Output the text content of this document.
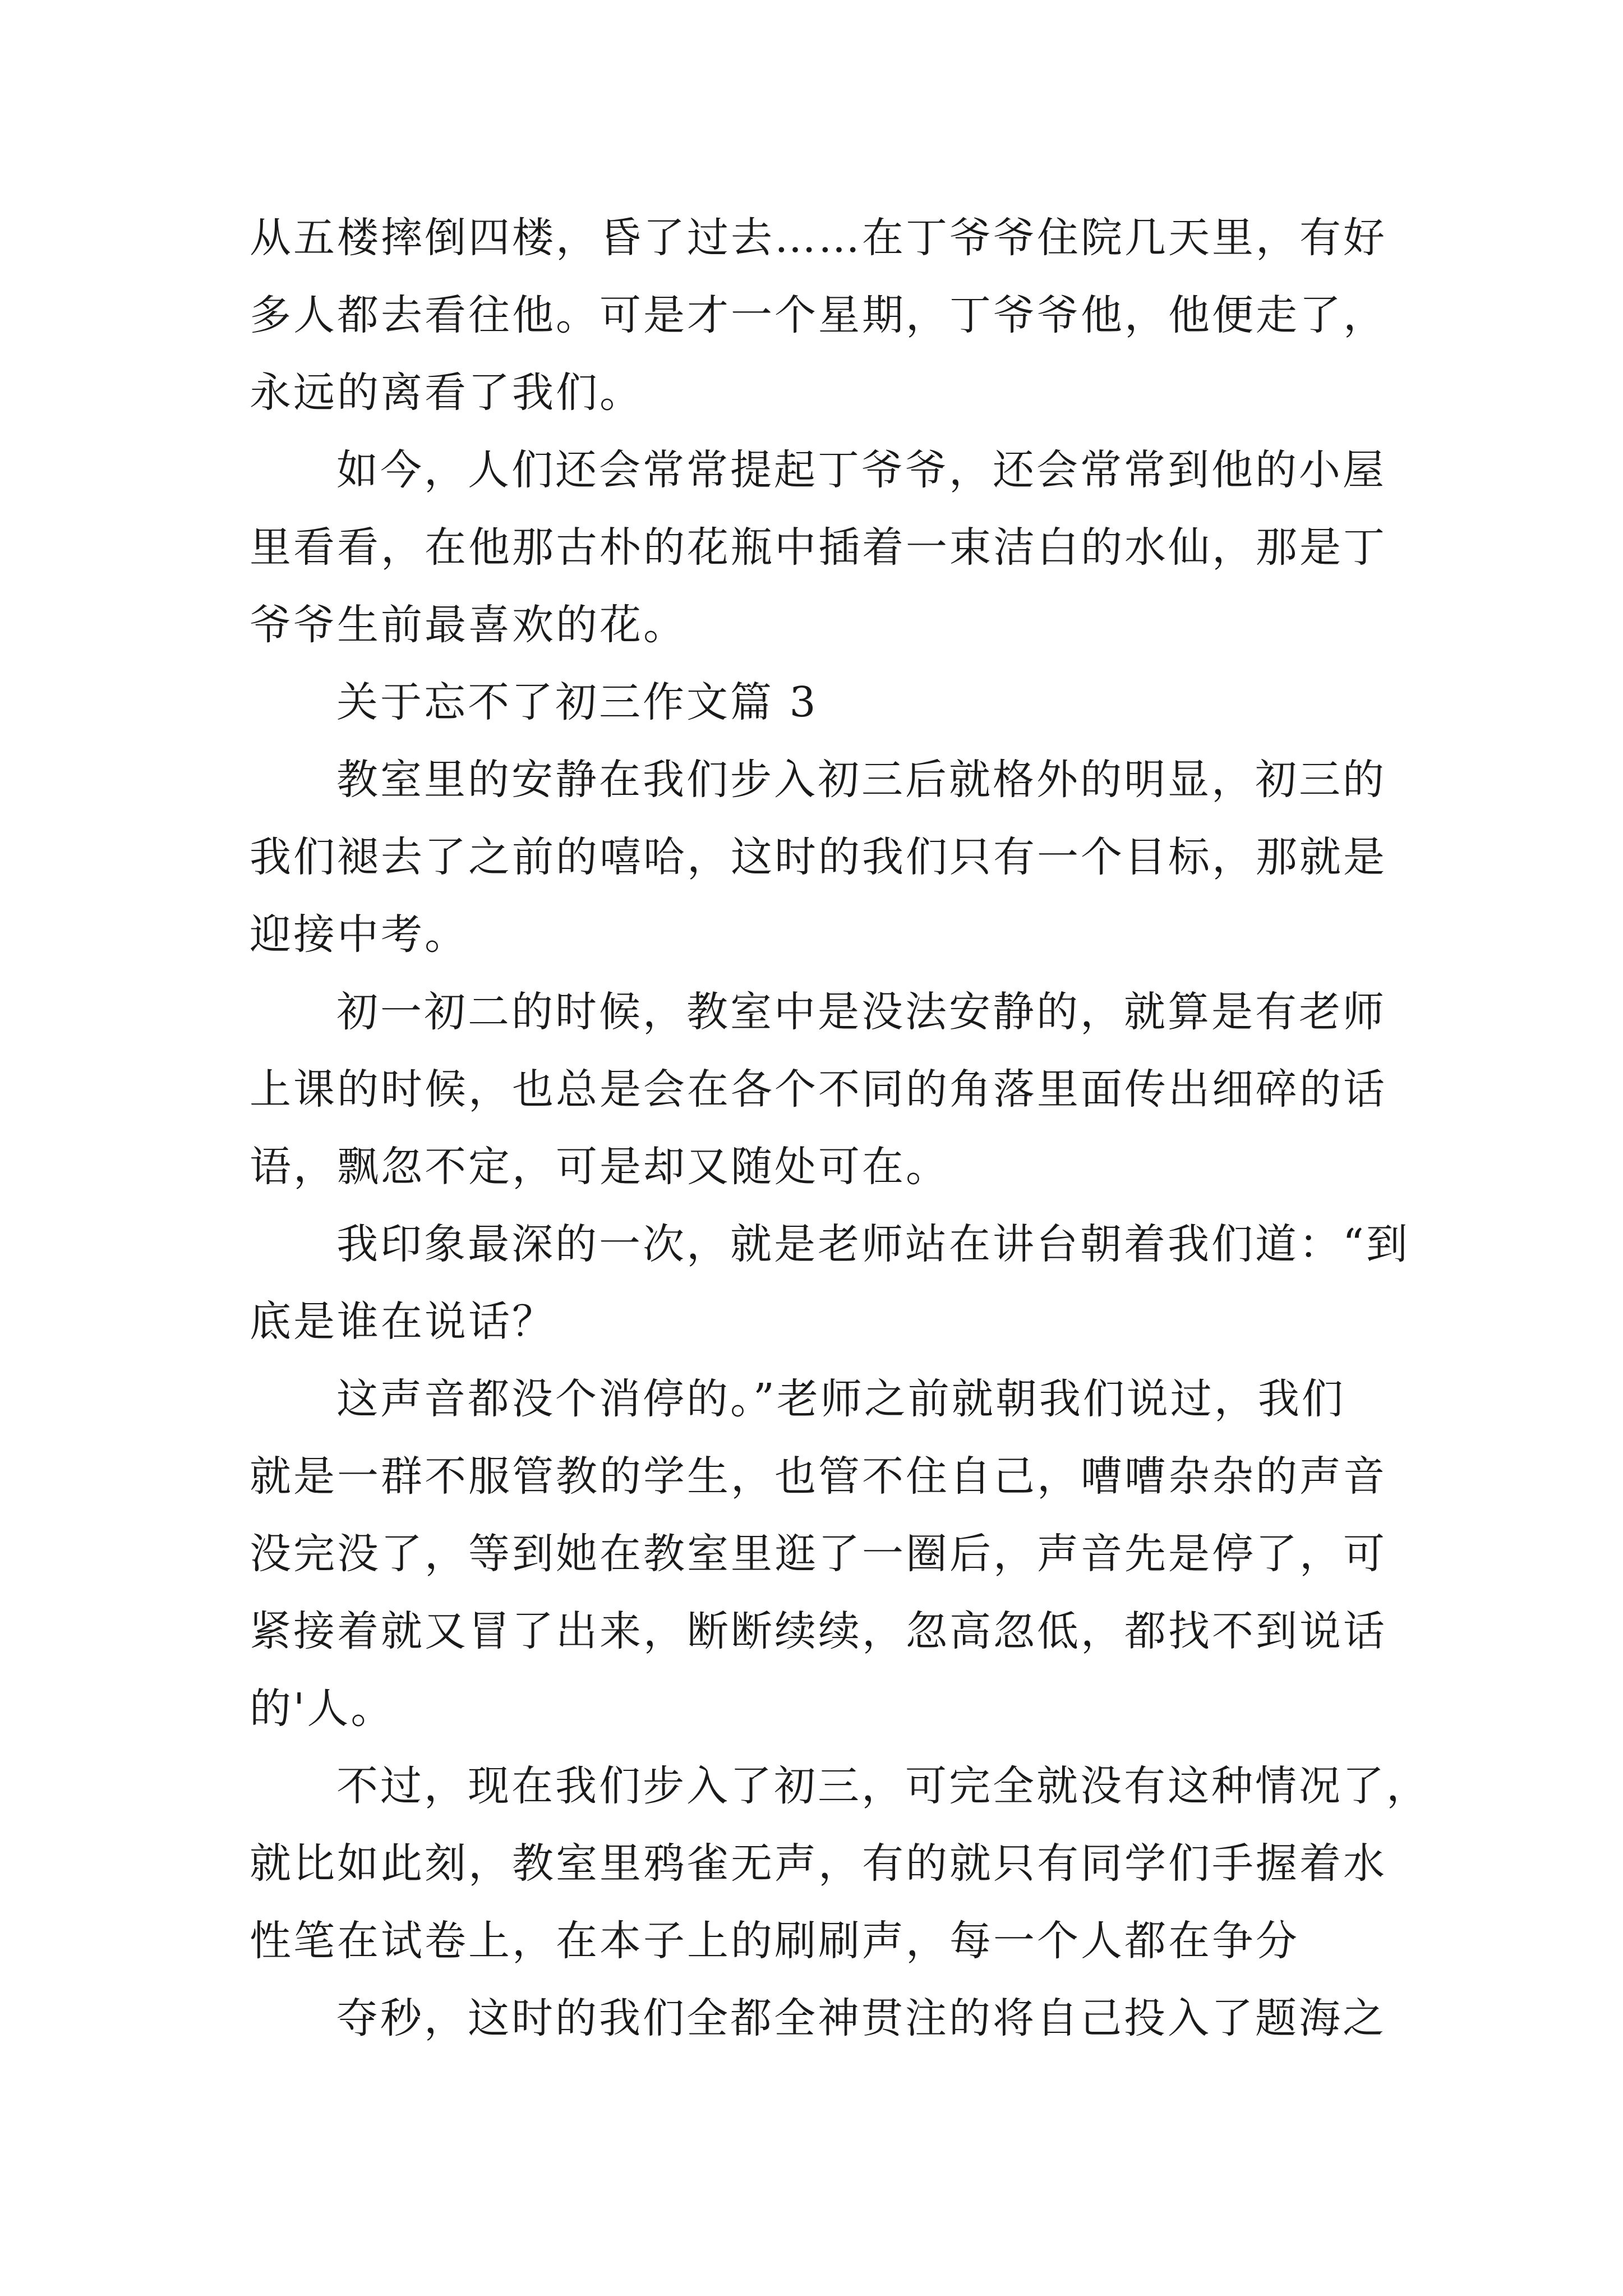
从五楼摔倒四楼，昏了过去……在丁爷爷住院几天里，有好
多人都去看往他。可是才一个星期，丁爷爷他，他便走了，
永远的离看了我们。
如今，人们还会常常提起丁爷爷，还会常常到他的小屋
里看看，在他那古朴的花瓶中插着一束洁白的水仙，那是丁
爷爷生前最喜欢的花。
关于忘不了初三作文篇 3
教室里的安静在我们步入初三后就格外的明显，初三的
我们褪去了之前的嘻哈，这时的我们只有一个目标，那就是
迎接中考。
初一初二的时候，教室中是没法安静的，就算是有老师
上课的时候，也总是会在各个不同的角落里面传出细碎的话
语，飘忽不定，可是却又随处可在。
我印象最深的一次，就是老师站在讲台朝着我们道：“到
底是谁在说话？
这声音都没个消停的。”老师之前就朝我们说过，我们
就是一群不服管教的学生，也管不住自己，嘈嘈杂杂的声音
没完没了，等到她在教室里逛了一圈后，声音先是停了，可
紧接着就又冒了出来，断断续续，忽高忽低，都找不到说话
的'人。
不过，现在我们步入了初三，可完全就没有这种情况了，
就比如此刻，教室里鸦雀无声，有的就只有同学们手握着水
性笔在试卷上，在本子上的刷刷声，每一个人都在争分
夺秒，这时的我们全都全神贯注的将自己投入了题海之
